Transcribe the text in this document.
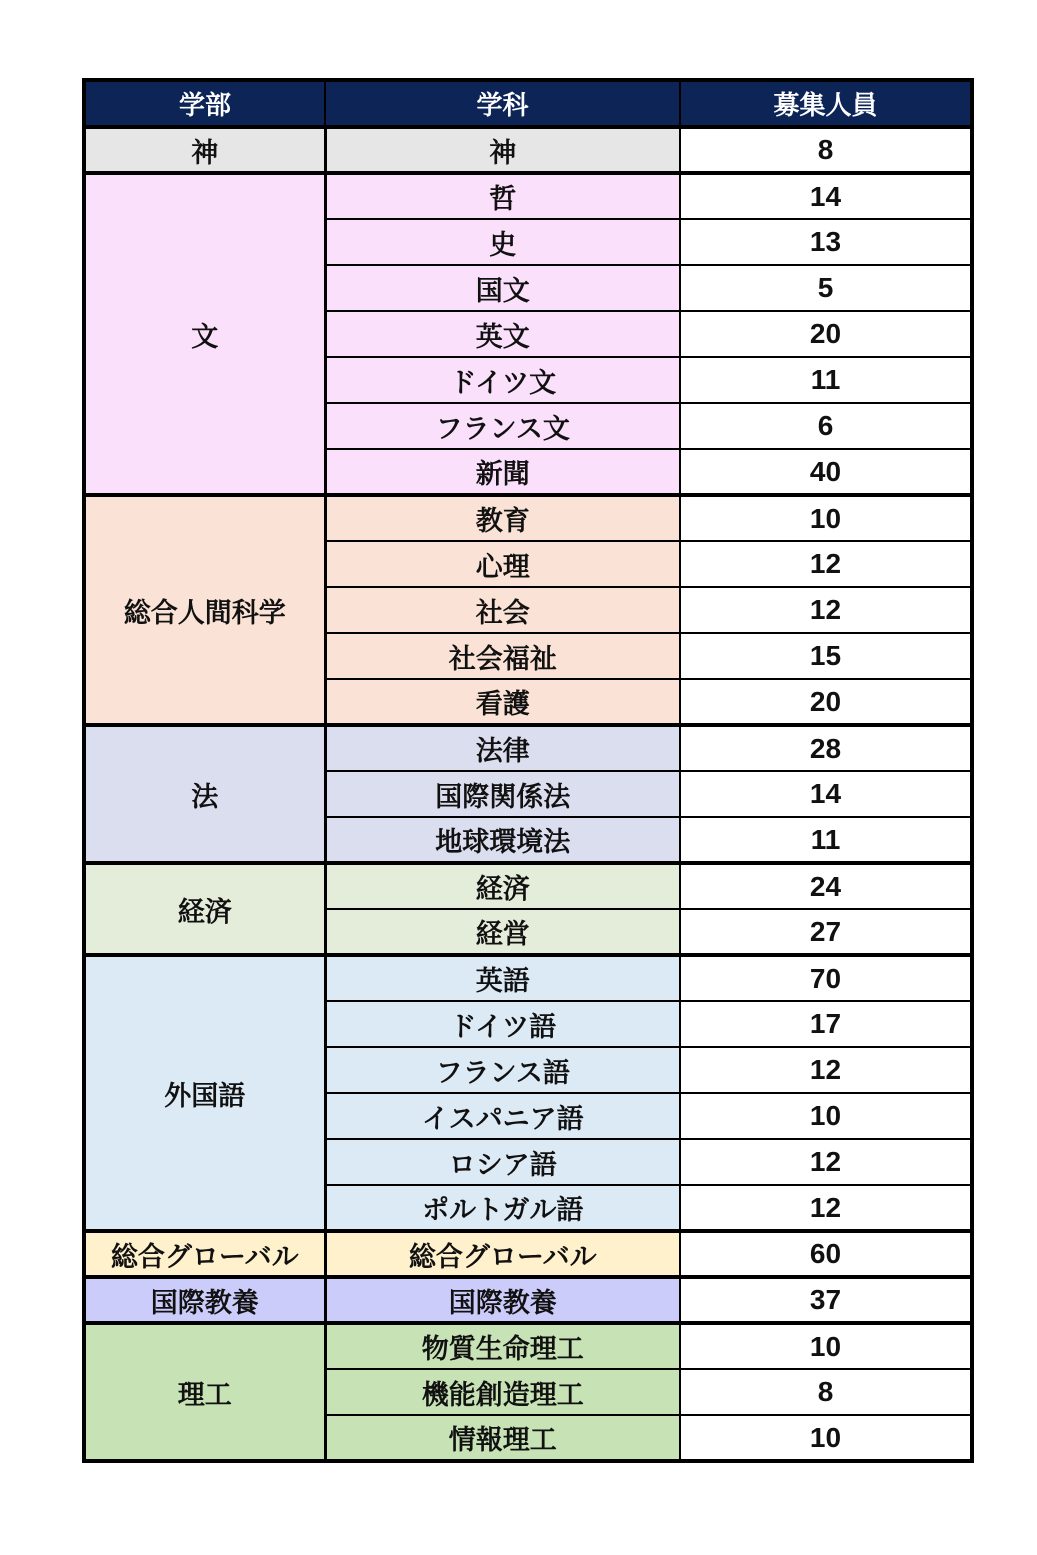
学部	学科	募集人員
神	神	8
文	哲	14
	史	13
	国文	5
	英文	20
	ドイツ文	11
	フランス文	6
	新聞	40
総合人間科学	教育	10
	心理	12
	社会	12
	社会福祉	15
	看護	20
法	法律	28
	国際関係法	14
	地球環境法	11
経済	経済	24
	経営	27
外国語	英語	70
	ドイツ語	17
	フランス語	12
	イスパニア語	10
	ロシア語	12
	ポルトガル語	12
総合グローバル	総合グローバル	60
国際教養	国際教養	37
理工	物質生命理工	10
	機能創造理工	8
	情報理工	10
